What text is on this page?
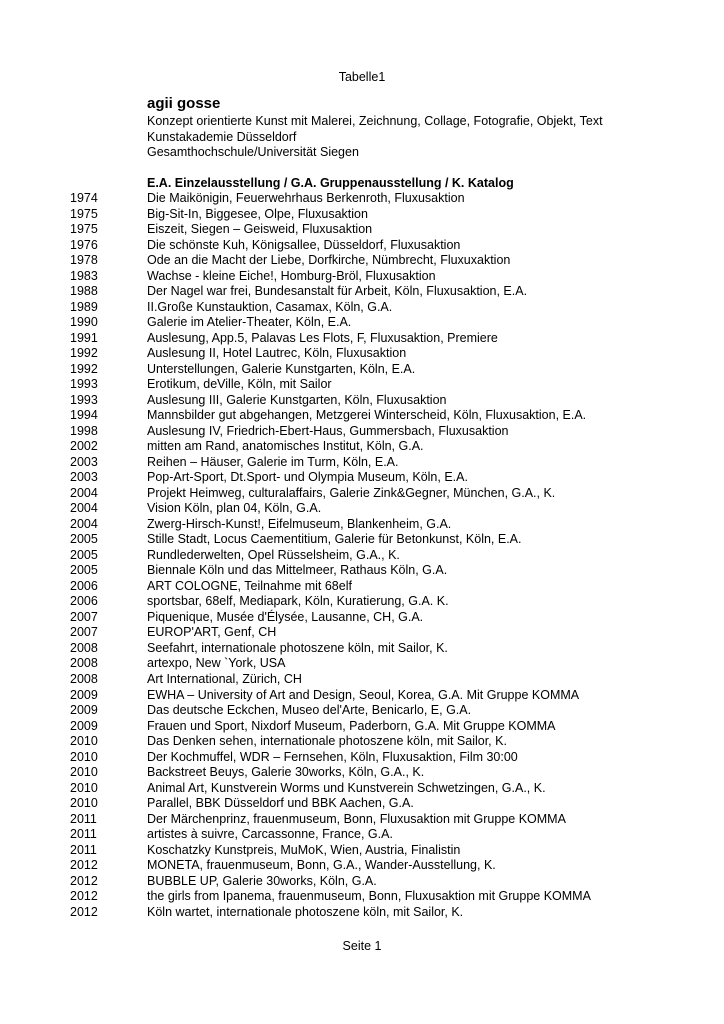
Tabelle1

agii gosse

Konzept orientierte Kunst mit Malerei, Zeichnung, Collage, Fotografie, Objekt, Text

Kunstakademie Düsseldorf

Gesamthochschule/Universität Siegen

E.A. Einzelausstellung / G.A. Gruppenausstellung / K. Katalog
1974	Die Maikönigin, Feuerwehrhaus Berkenroth, Fluxusaktion
1975	Big-Sit-In, Biggesee, Olpe, Fluxusaktion
1975	Eiszeit, Siegen – Geisweid, Fluxusaktion
1976	Die schönste Kuh, Königsallee, Düsseldorf, Fluxusaktion
1978	Ode an die Macht der Liebe, Dorfkirche, Nümbrecht, Fluxuxaktion
1983	Wachse - kleine Eiche!, Homburg-Bröl, Fluxusaktion
1988	Der Nagel war frei, Bundesanstalt für Arbeit, Köln, Fluxusaktion, E.A.
1989	II.Große Kunstauktion, Casamax, Köln, G.A.
1990	Galerie im Atelier-Theater, Köln, E.A.
1991	Auslesung, App.5, Palavas Les Flots, F, Fluxusaktion, Premiere
1992	Auslesung II, Hotel Lautrec, Köln, Fluxusaktion
1992	Unterstellungen, Galerie Kunstgarten, Köln, E.A.
1993	Erotikum, deVille, Köln, mit Sailor
1993	Auslesung III, Galerie Kunstgarten, Köln, Fluxusaktion
1994	Mannsbilder gut abgehangen, Metzgerei Winterscheid, Köln, Fluxusaktion, E.A.
1998	Auslesung IV, Friedrich-Ebert-Haus, Gummersbach, Fluxusaktion
2002	mitten am Rand, anatomisches Institut, Köln, G.A.
2003	Reihen – Häuser, Galerie im Turm, Köln, E.A.
2003	Pop-Art-Sport, Dt.Sport- und Olympia Museum, Köln, E.A.
2004	Projekt Heimweg, culturalaffairs, Galerie Zink&Gegner, München, G.A., K.
2004	Vision Köln, plan 04, Köln, G.A.
2004	Zwerg-Hirsch-Kunst!, Eifelmuseum, Blankenheim, G.A.
2005	Stille Stadt, Locus Caementitium, Galerie für Betonkunst, Köln, E.A.
2005	Rundlederwelten, Opel Rüsselsheim, G.A., K.
2005	Biennale Köln und das Mittelmeer, Rathaus Köln, G.A.
2006	ART COLOGNE, Teilnahme mit 68elf
2006	sportsbar, 68elf, Mediapark, Köln, Kuratierung, G.A. K.
2007	Piquenique, Musée d'Élysée, Lausanne, CH, G.A.
2007	EUROP'ART, Genf, CH
2008	Seefahrt, internationale photoszene köln, mit Sailor, K.
2008	artexpo, New `York, USA
2008	Art International, Zürich, CH
2009	EWHA – University of Art and Design, Seoul, Korea, G.A. Mit Gruppe KOMMA
2009	Das deutsche Eckchen, Museo del'Arte, Benicarlo, E, G.A.
2009	Frauen und Sport, Nixdorf Museum, Paderborn, G.A. Mit Gruppe KOMMA
2010	Das Denken sehen, internationale photoszene köln, mit Sailor, K.
2010	Der Kochmuffel, WDR – Fernsehen, Köln, Fluxusaktion, Film 30:00
2010	Backstreet Beuys, Galerie 30works, Köln, G.A., K.
2010	Animal Art, Kunstverein Worms und Kunstverein Schwetzingen, G.A., K.
2010	Parallel, BBK Düsseldorf und BBK Aachen, G.A.
2011	Der Märchenprinz, frauenmuseum, Bonn, Fluxusaktion mit Gruppe KOMMA
2011	artistes à suivre, Carcassonne, France, G.A.
2011	Koschatzky Kunstpreis, MuMoK, Wien, Austria, Finalistin
2012	MONETA, frauenmuseum, Bonn, G.A., Wander-Ausstellung, K.
2012	BUBBLE UP, Galerie 30works, Köln, G.A.
2012	the girls from Ipanema, frauenmuseum, Bonn, Fluxusaktion mit Gruppe KOMMA
2012	Köln wartet, internationale photoszene köln, mit Sailor, K.
Seite 1
